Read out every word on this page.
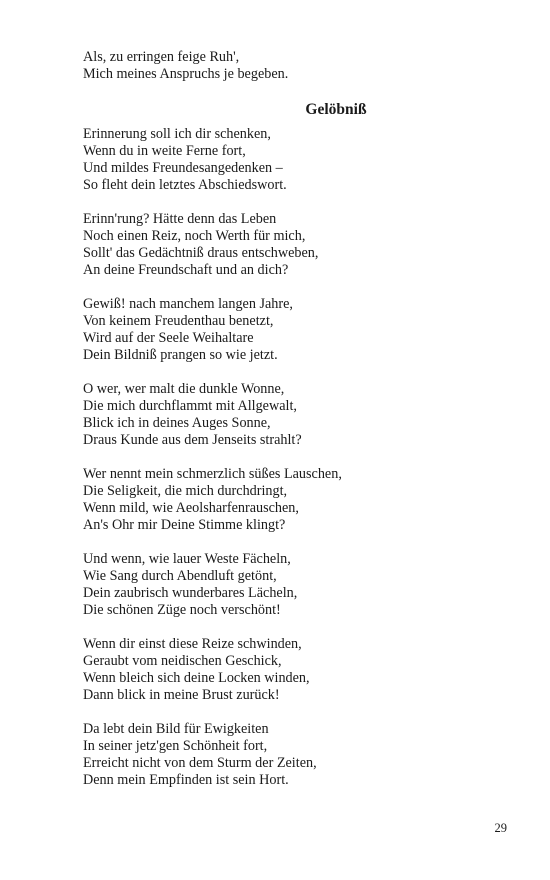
Als, zu erringen feige Ruh',
Mich meines Anspruchs je begeben.
Gelöbniß
Erinnerung soll ich dir schenken,
Wenn du in weite Ferne fort,
Und mildes Freundesangedenken –
So fleht dein letztes Abschiedswort.
Erinn'rung? Hätte denn das Leben
Noch einen Reiz, noch Werth für mich,
Sollt' das Gedächtniß draus entschweben,
An deine Freundschaft und an dich?
Gewiß! nach manchem langen Jahre,
Von keinem Freudenthau benetzt,
Wird auf der Seele Weihaltare
Dein Bildniß prangen so wie jetzt.
O wer, wer malt die dunkle Wonne,
Die mich durchflammt mit Allgewalt,
Blick ich in deines Auges Sonne,
Draus Kunde aus dem Jenseits strahlt?
Wer nennt mein schmerzlich süßes Lauschen,
Die Seligkeit, die mich durchdringt,
Wenn mild, wie Aeolsharfenrauschen,
An's Ohr mir Deine Stimme klingt?
Und wenn, wie lauer Weste Fächeln,
Wie Sang durch Abendluft getönt,
Dein zaubrisch wunderbares Lächeln,
Die schönen Züge noch verschönt!
Wenn dir einst diese Reize schwinden,
Geraubt vom neidischen Geschick,
Wenn bleich sich deine Locken winden,
Dann blick in meine Brust zurück!
Da lebt dein Bild für Ewigkeiten
In seiner jetz'gen Schönheit fort,
Erreicht nicht von dem Sturm der Zeiten,
Denn mein Empfinden ist sein Hort.
29
